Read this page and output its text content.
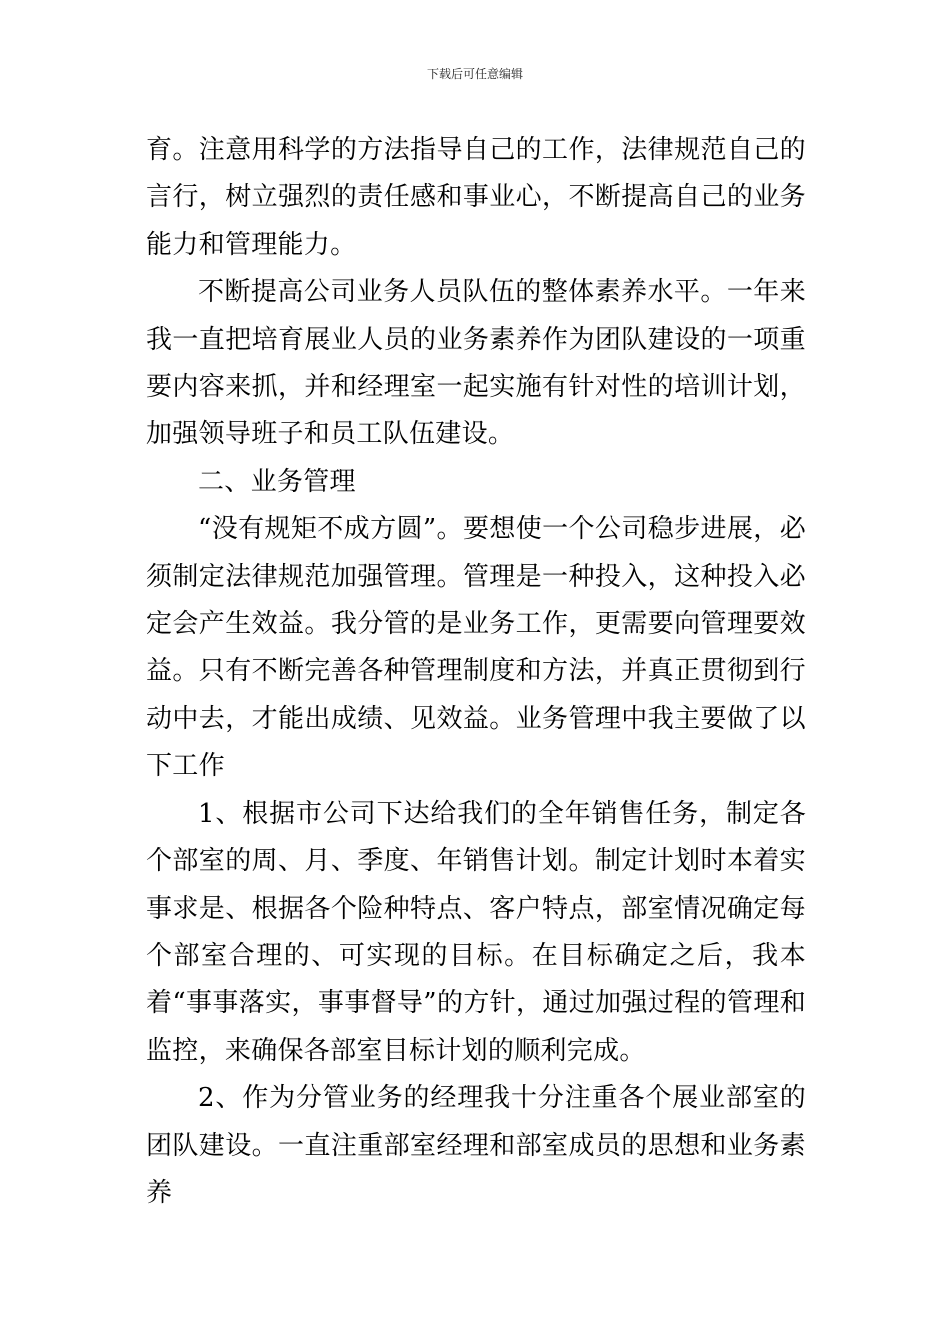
下载后可任意编辑

育。注意用科学的方法指导自己的工作，法律规范自己的言行，树立强烈的责任感和事业心，不断提高自己的业务能力和管理能力。

不断提高公司业务人员队伍的整体素养水平。一年来我一直把培育展业人员的业务素养作为团队建设的一项重要内容来抓，并和经理室一起实施有针对性的培训计划，加强领导班子和员工队伍建设。

二、业务管理

“没有规矩不成方圆”。要想使一个公司稳步进展，必须制定法律规范加强管理。管理是一种投入，这种投入必定会产生效益。我分管的是业务工作，更需要向管理要效益。只有不断完善各种管理制度和方法，并真正贯彻到行动中去，才能出成绩、见效益。业务管理中我主要做了以下工作

1、根据市公司下达给我们的全年销售任务，制定各个部室的周、月、季度、年销售计划。制定计划时本着实事求是、根据各个险种特点、客户特点，部室情况确定每个部室合理的、可实现的目标。在目标确定之后，我本着“事事落实，事事督导”的方针，通过加强过程的管理和监控，来确保各部室目标计划的顺利完成。

2、作为分管业务的经理我十分注重各个展业部室的团队建设。一直注重部室经理和部室成员的思想和业务素养
